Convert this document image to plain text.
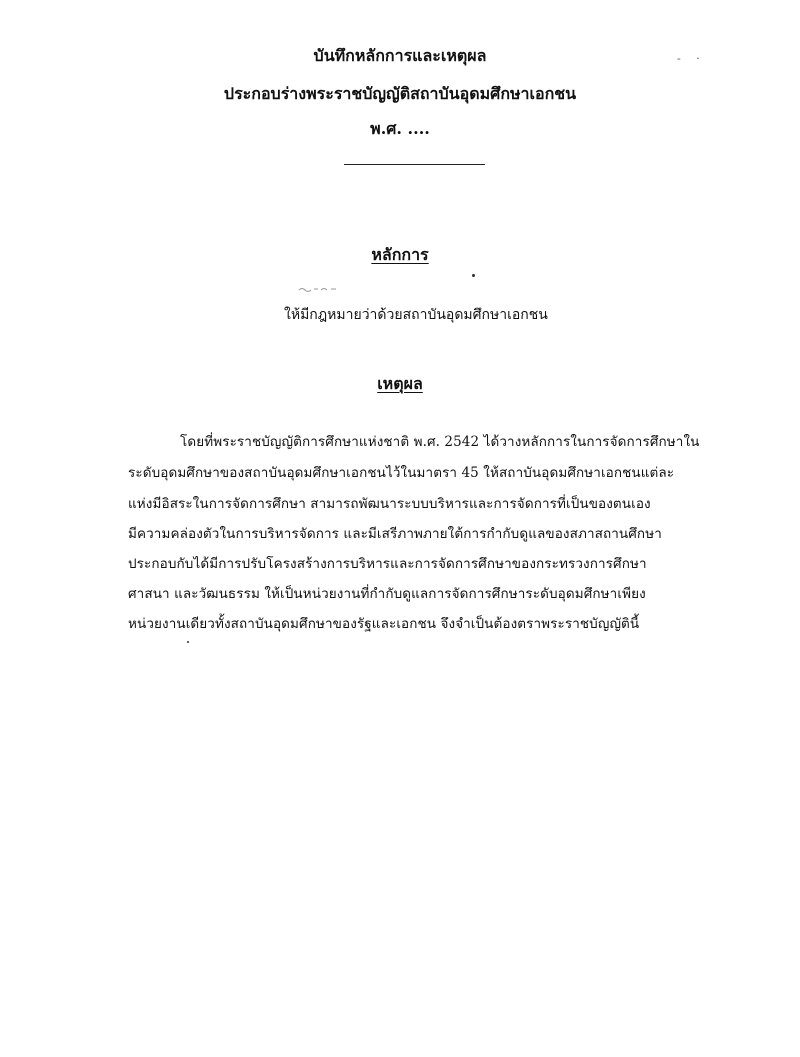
- ·
บันทึกหลักการและเหตุผล
ประกอบร่างพระราชบัญญัติสถาบันอุดมศึกษาเอกชน
พ.ศ. ....
หลักการ
ให้มีกฎหมายว่าด้วยสถาบันอุดมศึกษาเอกชน
เหตุผล
โดยที่พระราชบัญญัติการศึกษาแห่งชาติ พ.ศ. 2542 ได้วางหลักการในการจัดการศึกษาใน
ระดับอุดมศึกษาของสถาบันอุดมศึกษาเอกชนไว้ในมาตรา 45 ให้สถาบันอุดมศึกษาเอกชนแต่ละ
แห่งมีอิสระในการจัดการศึกษา สามารถพัฒนาระบบบริหารและการจัดการที่เป็นของตนเอง
มีความคล่องตัวในการบริหารจัดการ และมีเสรีภาพภายใต้การกำกับดูแลของสภาสถานศึกษา
ประกอบกับได้มีการปรับโครงสร้างการบริหารและการจัดการศึกษาของกระทรวงการศึกษา
ศาสนา และวัฒนธรรม ให้เป็นหน่วยงานที่กำกับดูแลการจัดการศึกษาระดับอุดมศึกษาเพียง
หน่วยงานเดียวทั้งสถาบันอุดมศึกษาของรัฐและเอกชน จึงจำเป็นต้องตราพระราชบัญญัตินี้
